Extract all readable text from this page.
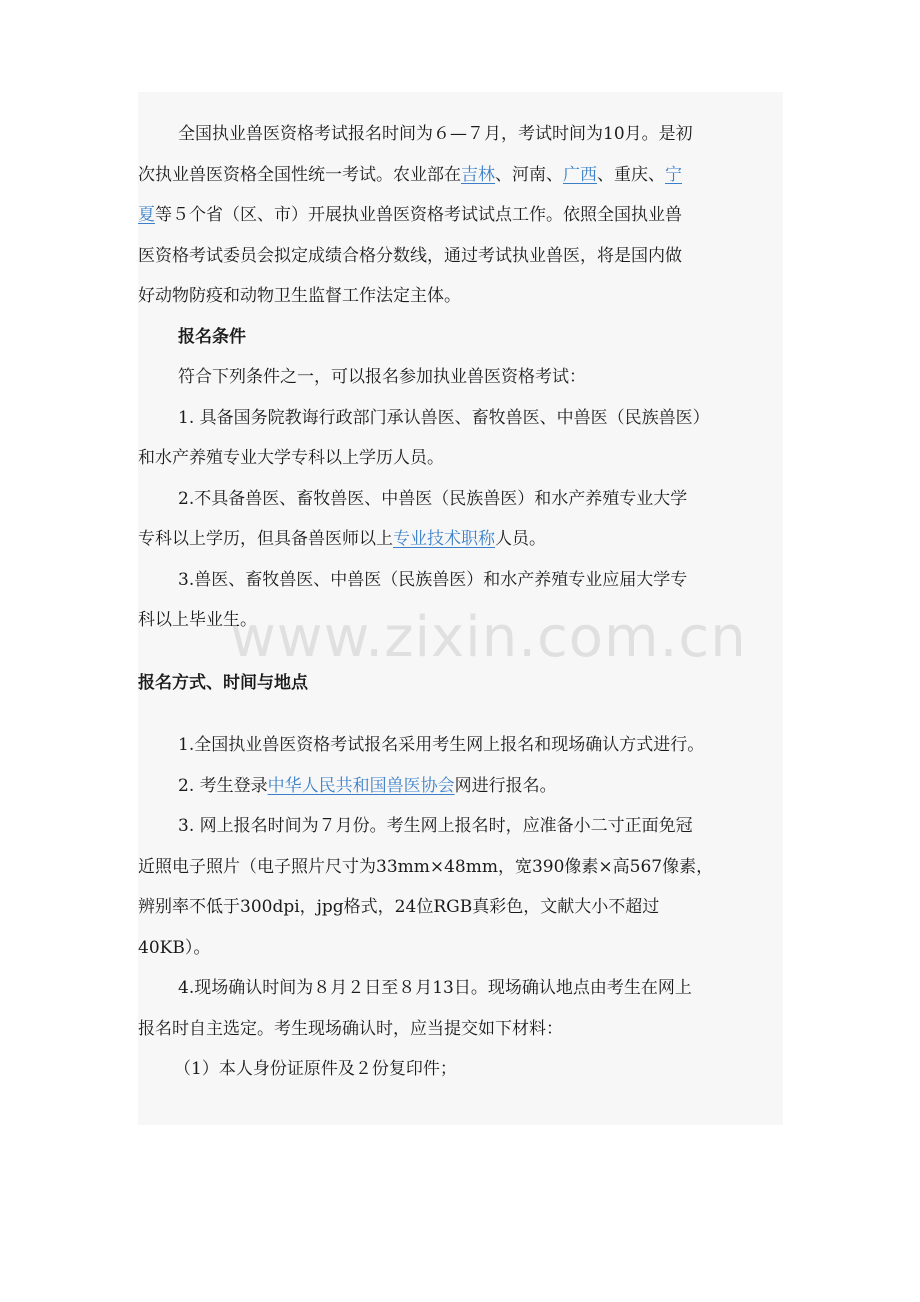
全国执业兽医资格考试报名时间为６—７月，考试时间为10月。是初

次执业兽医资格全国性统一考试。农业部在吉林、河南、广西、重庆、宁

夏等５个省（区、市）开展执业兽医资格考试试点工作。依照全国执业兽

医资格考试委员会拟定成绩合格分数线，通过考试执业兽医，将是国内做

好动物防疫和动物卫生监督工作法定主体。

报名条件

符合下列条件之一，可以报名参加执业兽医资格考试：

1. 具备国务院教诲行政部门承认兽医、畜牧兽医、中兽医（民族兽医）

和水产养殖专业大学专科以上学历人员。

2.不具备兽医、畜牧兽医、中兽医（民族兽医）和水产养殖专业大学

专科以上学历，但具备兽医师以上专业技术职称人员。

3.兽医、畜牧兽医、中兽医（民族兽医）和水产养殖专业应届大学专

科以上毕业生。

报名方式、时间与地点

1.全国执业兽医资格考试报名采用考生网上报名和现场确认方式进行。

2. 考生登录中华人民共和国兽医协会网进行报名。

3. 网上报名时间为７月份。考生网上报名时，应准备小二寸正面免冠

近照电子照片（电子照片尺寸为33mm×48mm，宽390像素×高567像素，

辨别率不低于300dpi，jpg格式，24位RGB真彩色，文献大小不超过

40KB）。

4.现场确认时间为８月２日至８月13日。现场确认地点由考生在网上

报名时自主选定。考生现场确认时，应当提交如下材料：

（1）本人身份证原件及２份复印件；
